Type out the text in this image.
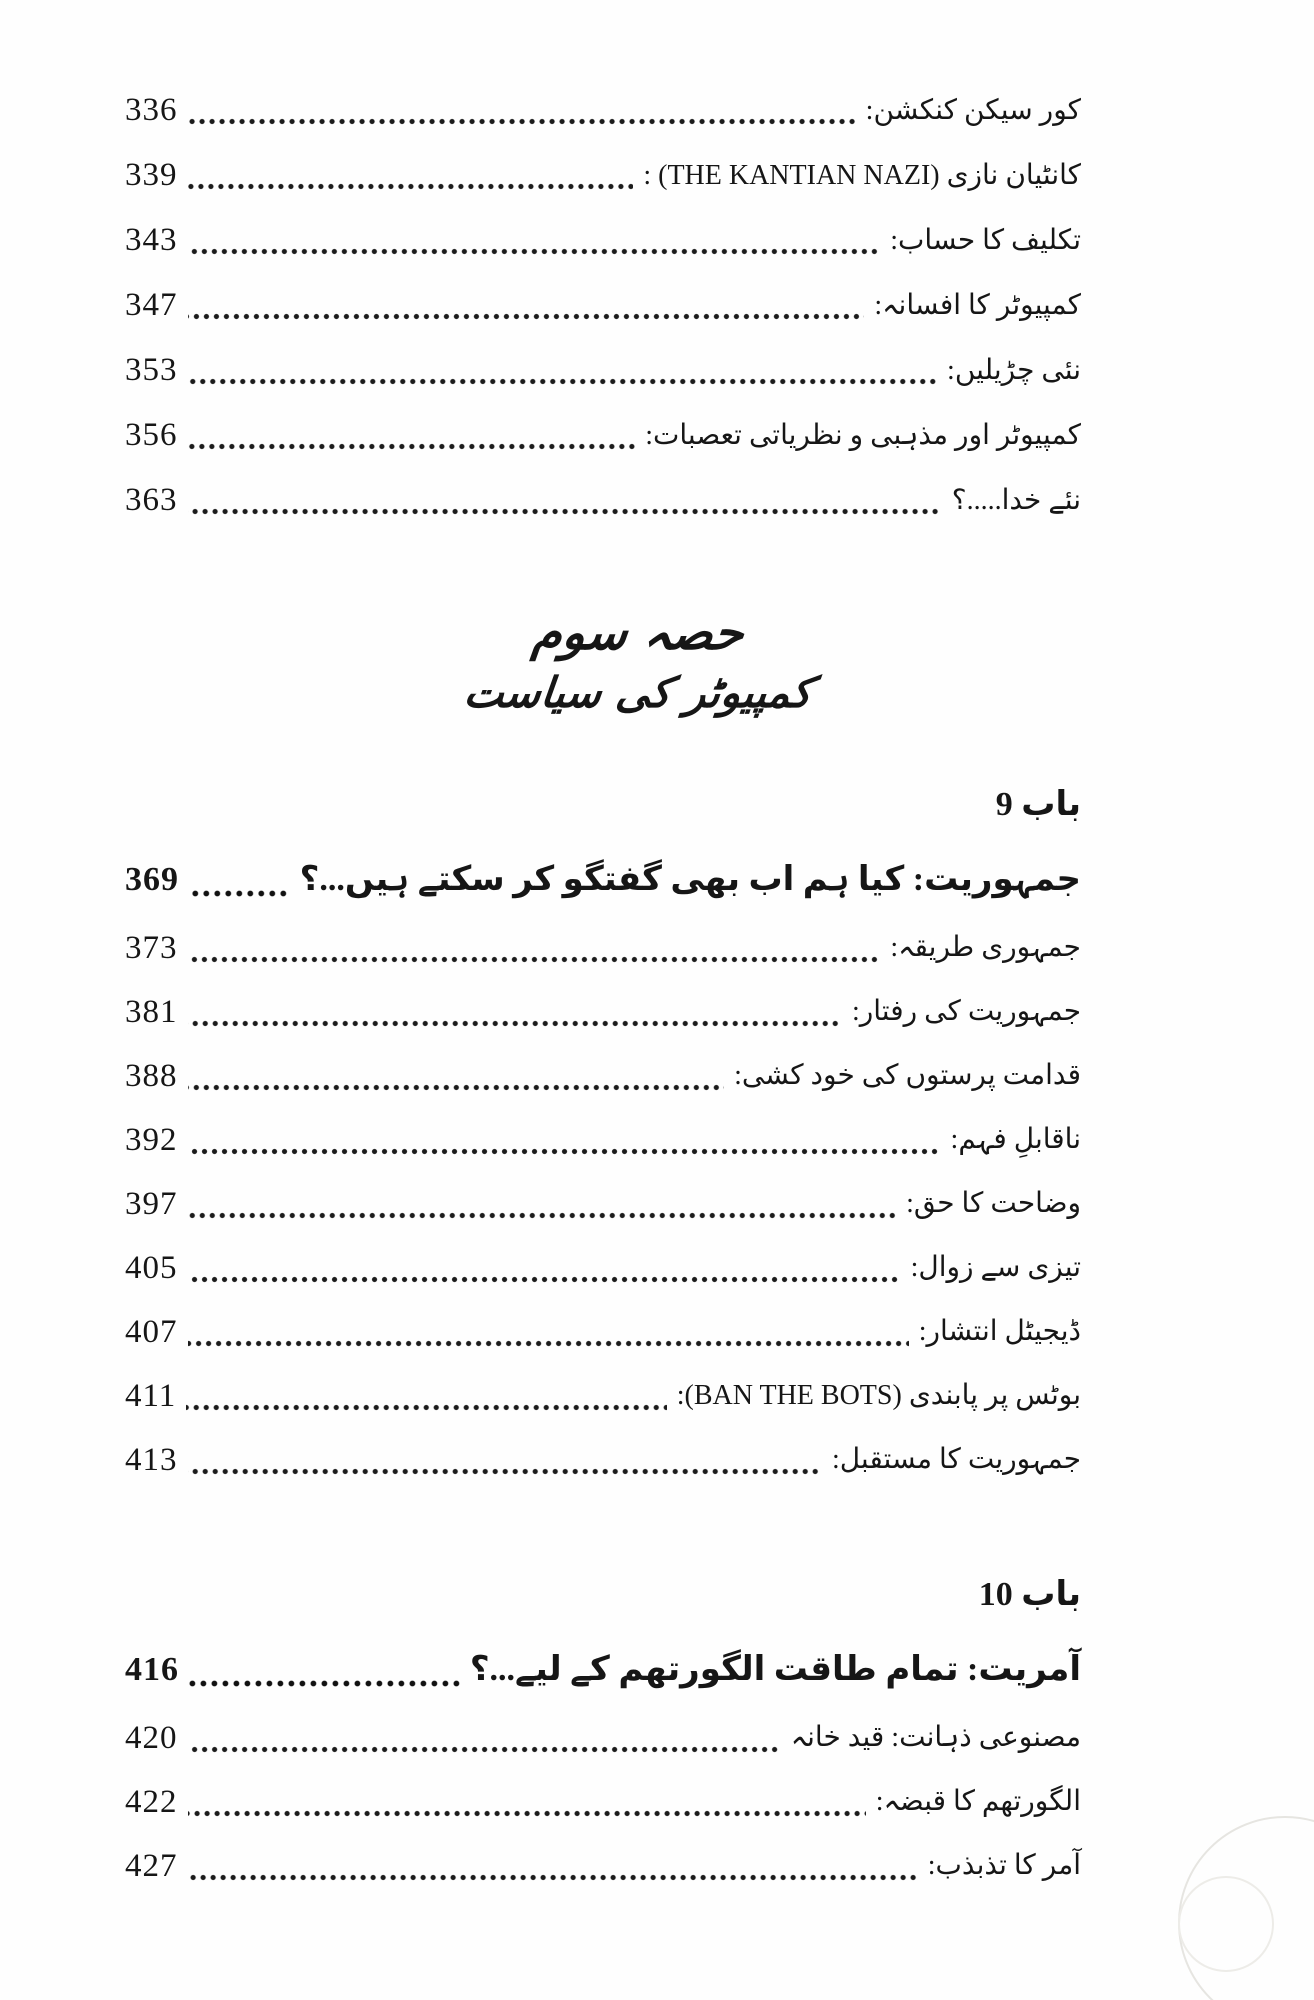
کور سیکن کنکشن:
336
کانٹیان نازی (THE KANTIAN NAZI) :
339
تکلیف کا حساب:
343
کمپیوٹر کا افسانہ:
347
نئی چڑیلیں:
353
کمپیوٹر اور مذہبی و نظریاتی تعصبات:
356
نئے خدا.....؟
363
حصہ سوم
کمپیوٹر کی سیاست
باب 9
جمہوریت: کیا ہم اب بھی گفتگو کر سکتے ہیں...؟
369
جمہوری طریقہ:
373
جمہوریت کی رفتار:
381
قدامت پرستوں کی خود کشی:
388
ناقابلِ فہم:
392
وضاحت کا حق:
397
تیزی سے زوال:
405
ڈیجیٹل انتشار:
407
بوٹس پر پابندی (BAN THE BOTS):
411
جمہوریت کا مستقبل:
413
باب 10
آمریت: تمام طاقت الگورتھم کے لیے...؟
416
مصنوعی ذہانت: قید خانہ
420
الگورتھم کا قبضہ:
422
آمر کا تذبذب:
427
